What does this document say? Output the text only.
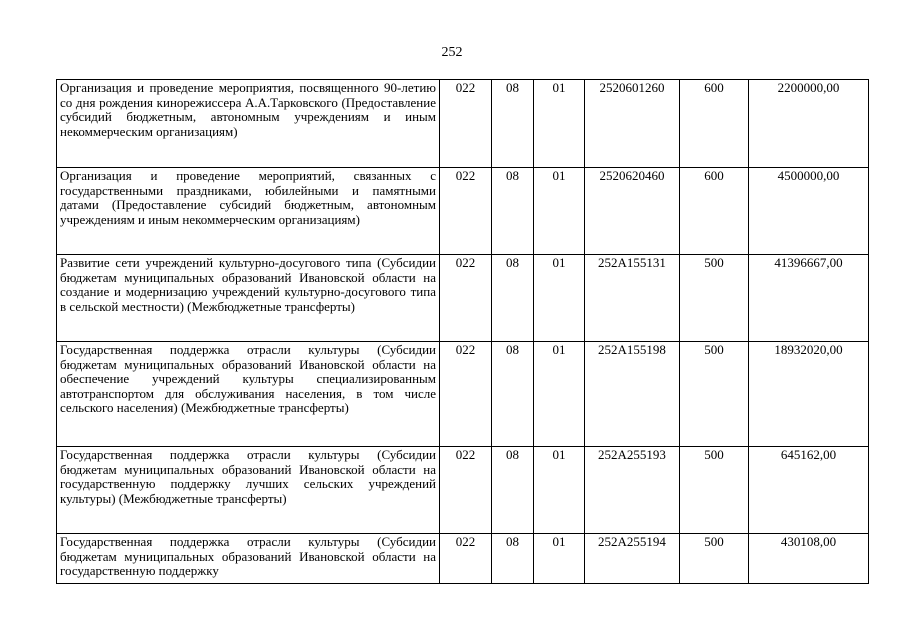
252
Организация и проведение мероприятия, посвященного 90-летию со дня рождения кинорежиссера А.А.Тарковского (Предоставление субсидий бюджетным, автономным учреждениям и иным некоммерческим организациям)	022	08	01	2520601260	600	2200000,00
Организация и проведение мероприятий, связанных с государственными праздниками, юбилейными и памятными датами (Предоставление субсидий бюджетным, автономным учреждениям и иным некоммерческим организациям)	022	08	01	2520620460	600	4500000,00
Развитие сети учреждений культурно-досугового типа (Субсидии бюджетам муниципальных образований Ивановской области на создание и модернизацию учреждений культурно-досугового типа в сельской местности) (Межбюджетные трансферты)	022	08	01	252A155131	500	41396667,00
Государственная поддержка отрасли культуры (Субсидии бюджетам муниципальных образований Ивановской области на обеспечение учреждений культуры специализированным автотранспортом для обслуживания населения, в том числе сельского населения) (Межбюджетные трансферты)	022	08	01	252A155198	500	18932020,00
Государственная поддержка отрасли культуры (Субсидии бюджетам муниципальных образований Ивановской области на государственную поддержку лучших сельских учреждений культуры) (Межбюджетные трансферты)	022	08	01	252A255193	500	645162,00
Государственная поддержка отрасли культуры (Субсидии бюджетам муниципальных образований Ивановской области на государственную поддержку	022	08	01	252A255194	500	430108,00
